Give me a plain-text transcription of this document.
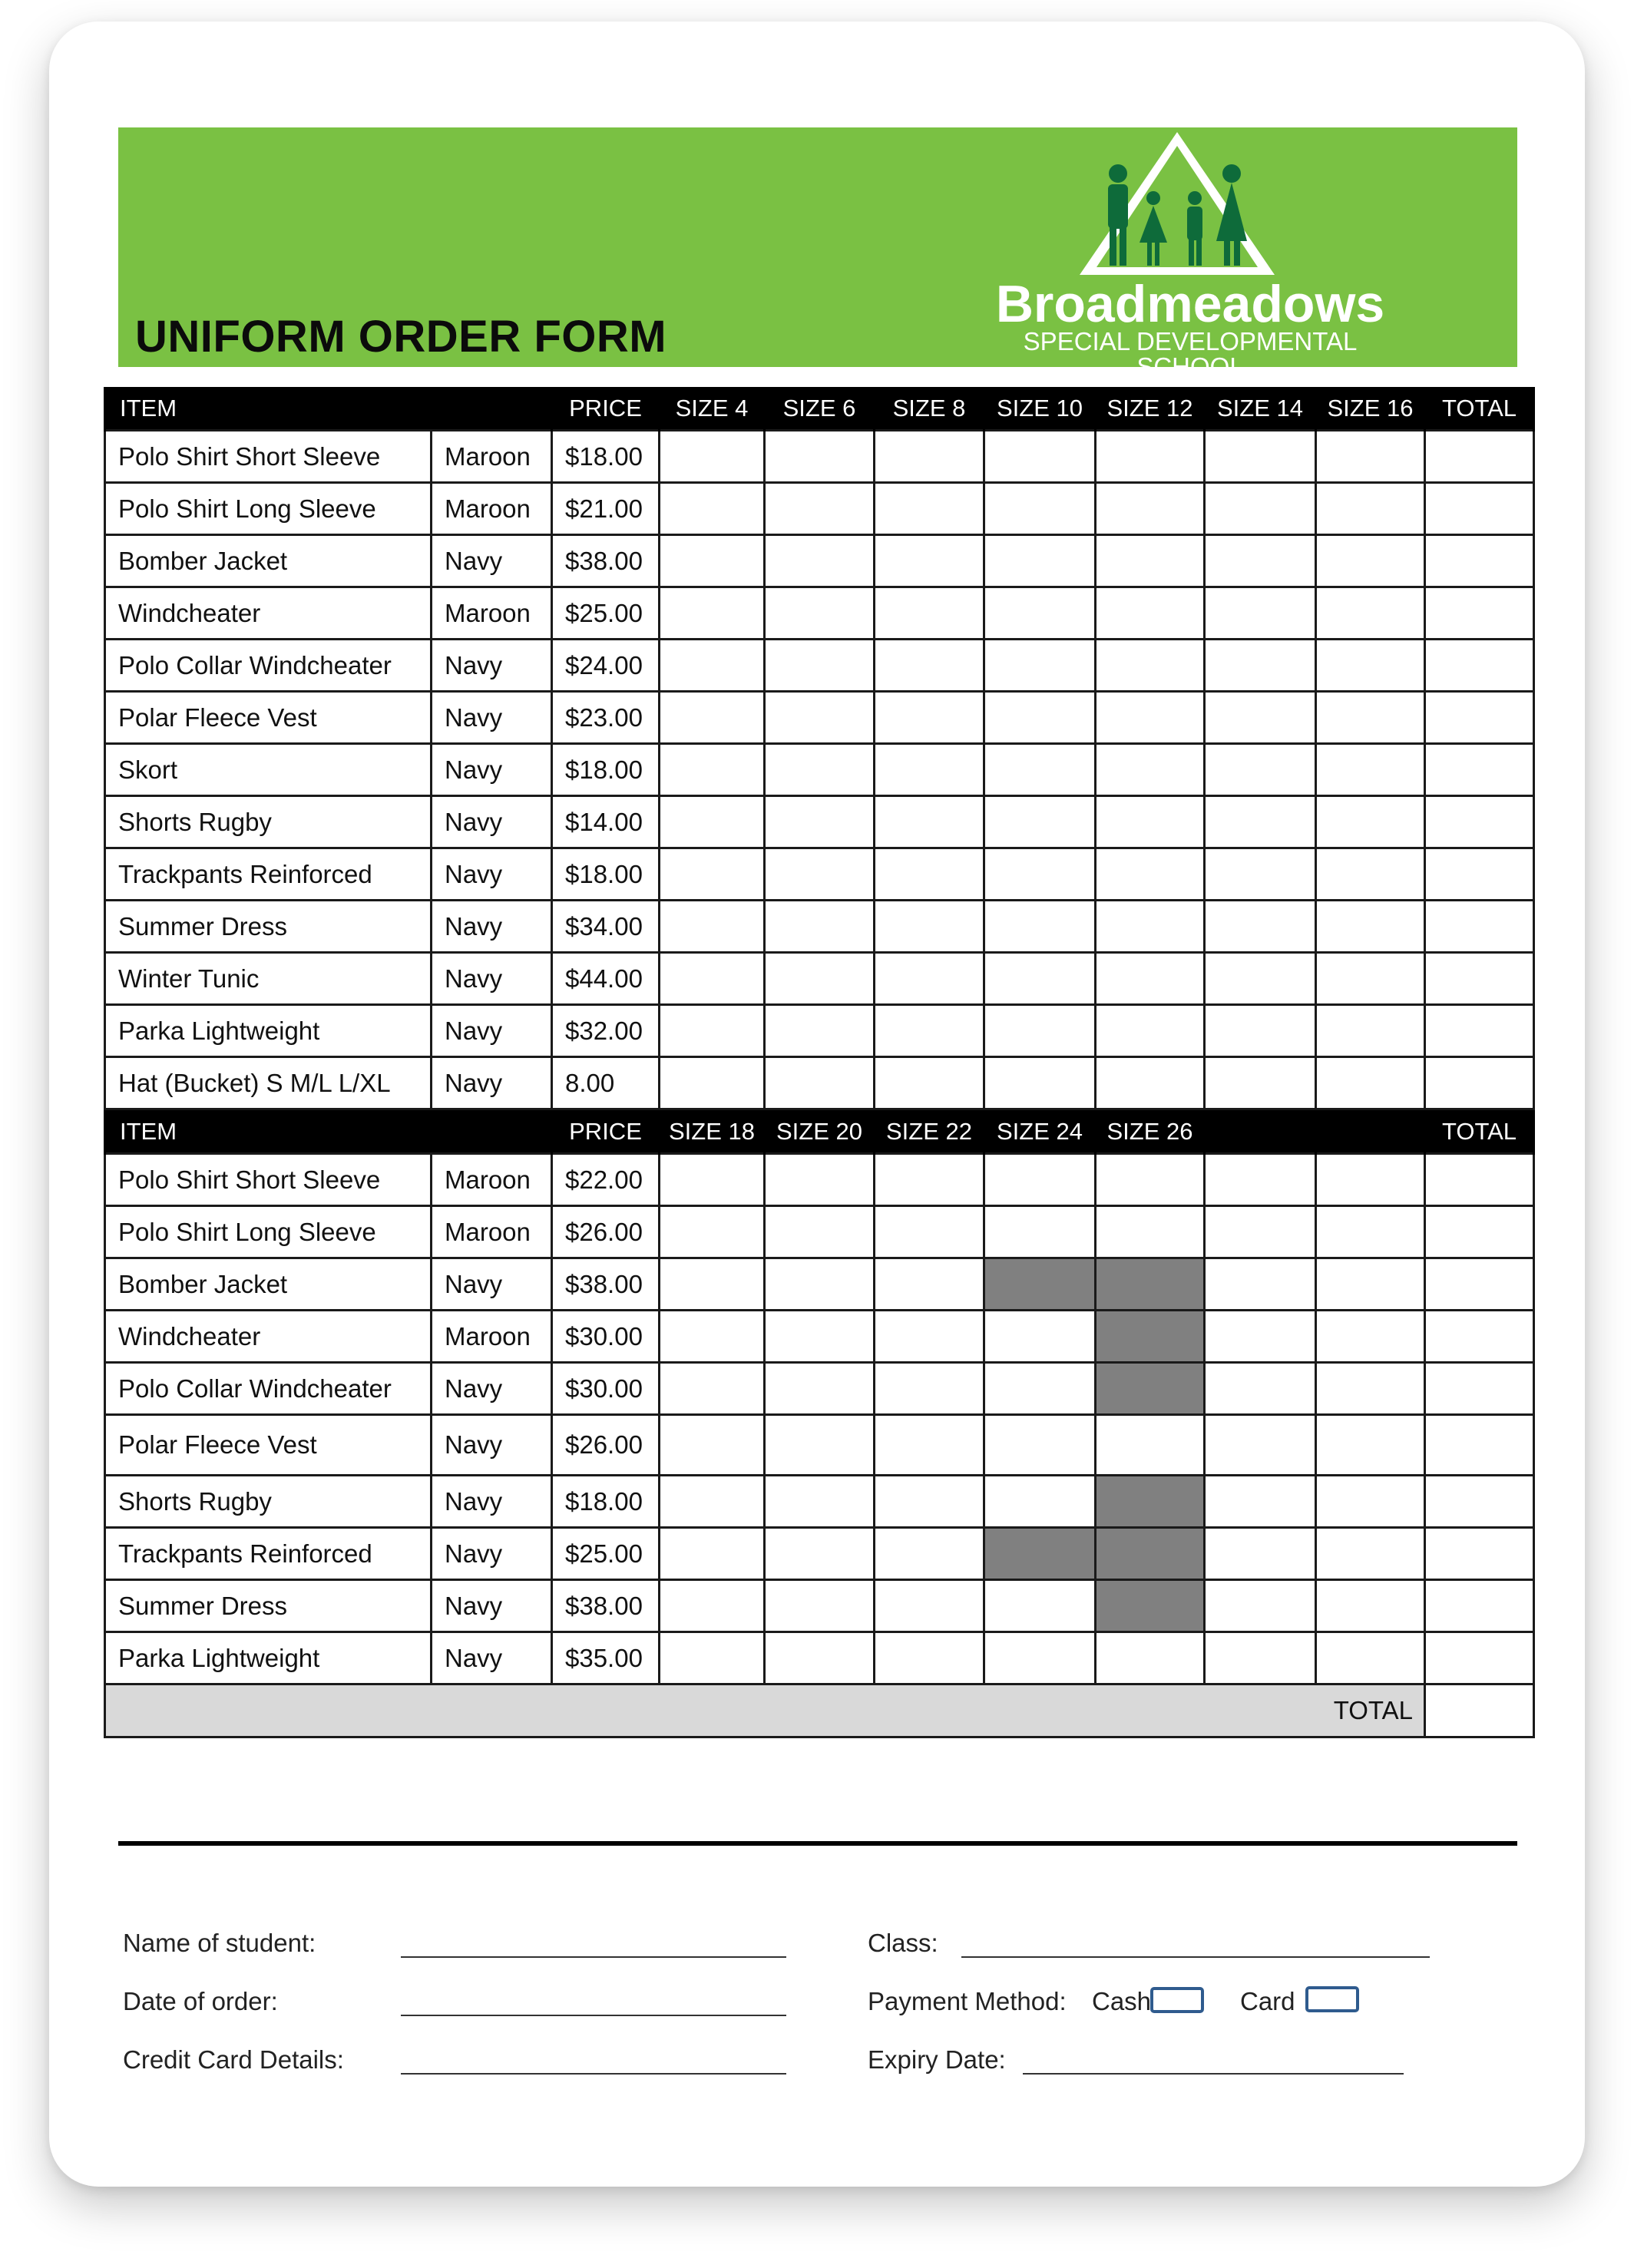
UNIFORM ORDER FORM
Broadmeadows
SPECIAL DEVELOPMENTAL SCHOOL
ITEM		PRICE	SIZE 4	SIZE 6	SIZE 8	SIZE 10	SIZE 12	SIZE 14	SIZE 16	TOTAL
Polo Shirt Short Sleeve	Maroon	$18.00								
Polo Shirt Long Sleeve	Maroon	$21.00								
Bomber Jacket	Navy	$38.00								
Windcheater	Maroon	$25.00								
Polo Collar Windcheater	Navy	$24.00								
Polar Fleece Vest	Navy	$23.00								
Skort	Navy	$18.00								
Shorts Rugby	Navy	$14.00								
Trackpants Reinforced	Navy	$18.00								
Summer Dress	Navy	$34.00								
Winter Tunic	Navy	$44.00								
Parka Lightweight	Navy	$32.00								
Hat (Bucket) S M/L L/XL	Navy	8.00								
ITEM		PRICE	SIZE 18	SIZE 20	SIZE 22	SIZE 24	SIZE 26			TOTAL
Polo Shirt Short Sleeve	Maroon	$22.00								
Polo Shirt Long Sleeve	Maroon	$26.00								
Bomber Jacket	Navy	$38.00								
Windcheater	Maroon	$30.00								
Polo Collar Windcheater	Navy	$30.00								
Polar Fleece Vest	Navy	$26.00								
Shorts Rugby	Navy	$18.00								
Trackpants Reinforced	Navy	$25.00								
Summer Dress	Navy	$38.00								
Parka Lightweight	Navy	$35.00								
TOTAL										
Name of student:
Date of order:
Credit Card Details:
Class:
Payment Method: Cash	Card
Expiry Date:
